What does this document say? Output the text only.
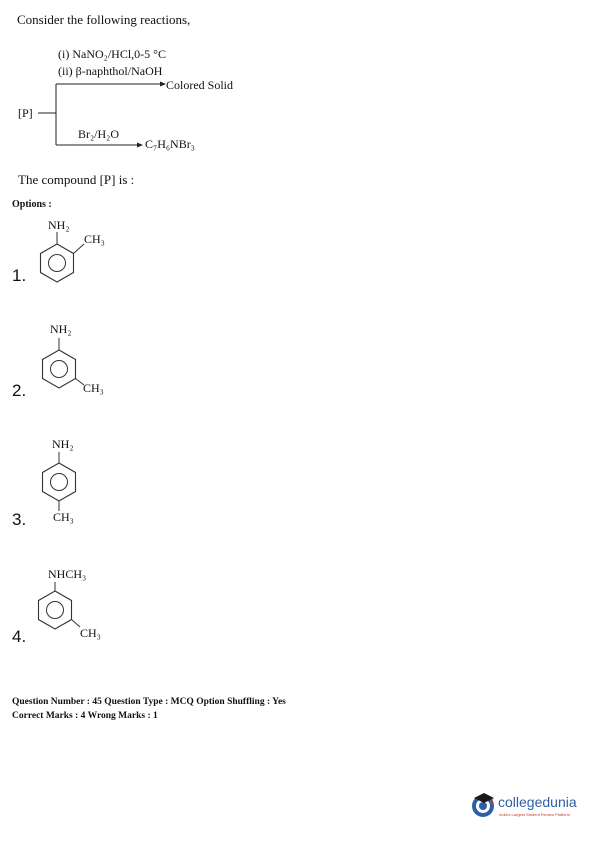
Consider the following reactions,
[P]
(i) NaNO₂/HCl,0-5 °C
(ii) β-naphthol/NaOH
Colored Solid
Br₂/H₂O
C₇H₆NBr₃
The compound [P] is :
Options :
1.
NH₂
CH₃
2.
NH₂
CH₃
3.
NH₂
CH₃
4.
NHCH₃
CH₃
Question Number : 45 Question Type : MCQ Option Shuffling : Yes
Correct Marks : 4 Wrong Marks : 1
collegedunia
India's Largest Student Review Platform
